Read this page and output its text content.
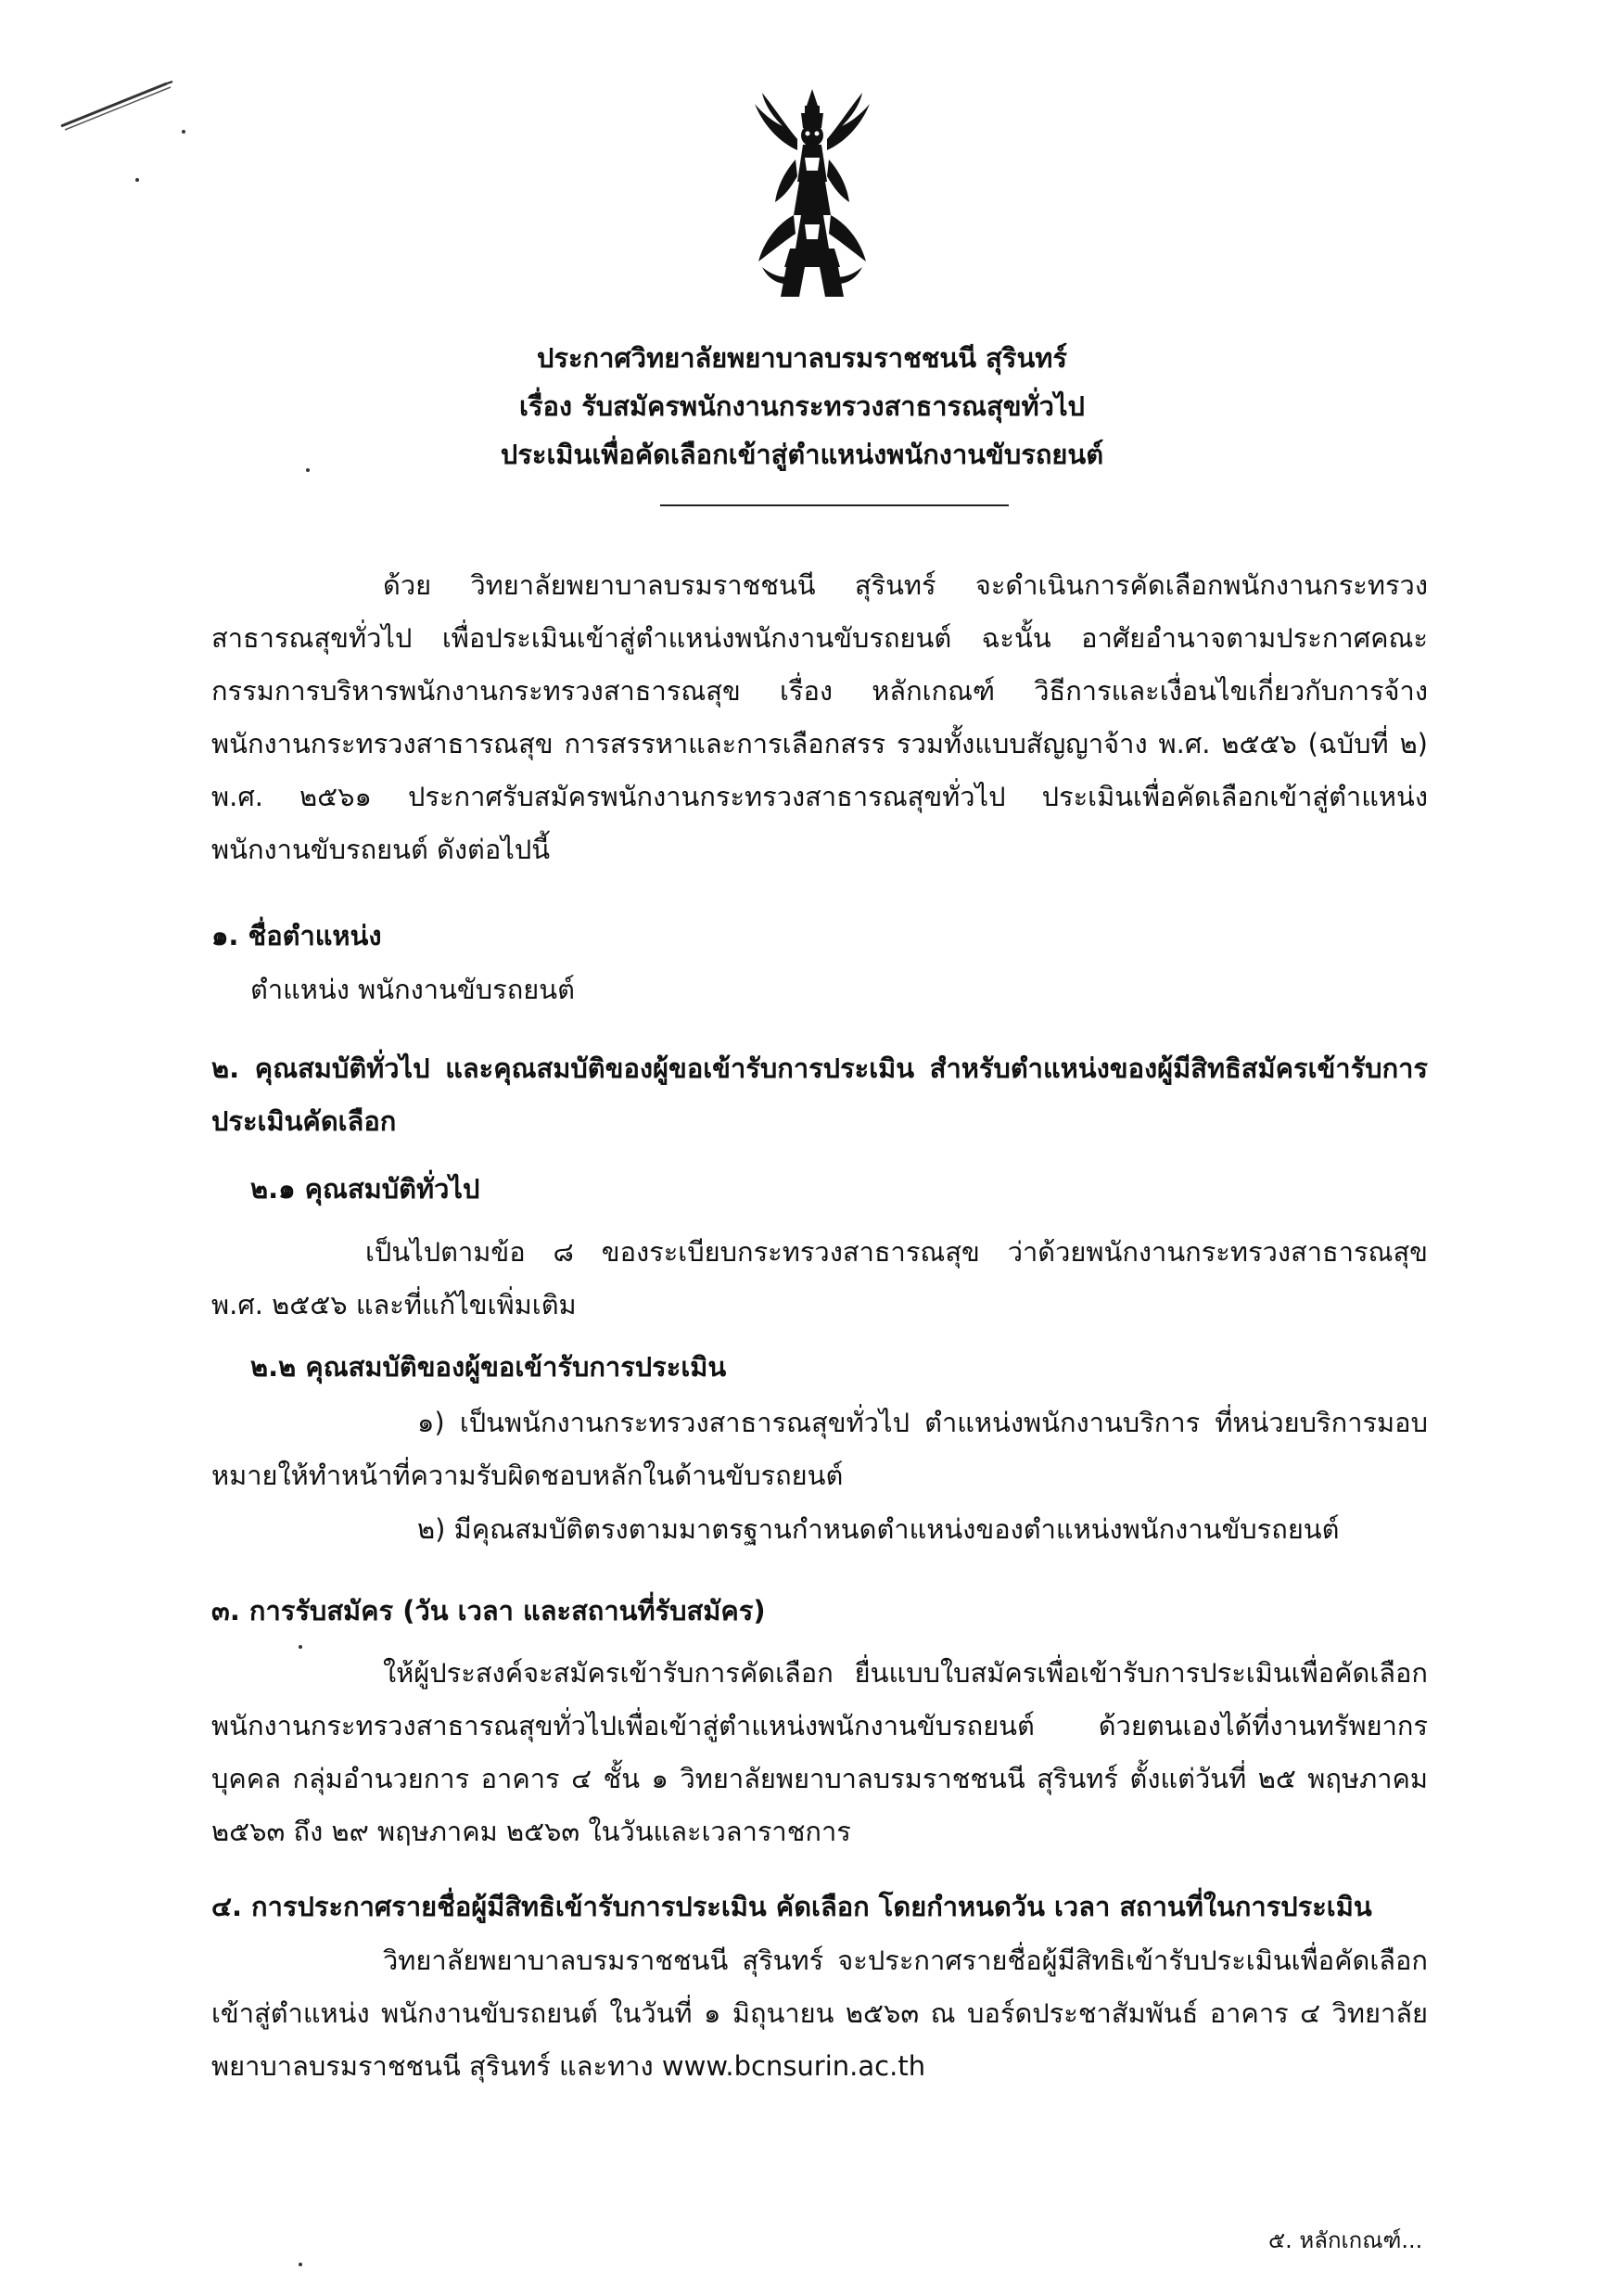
ประกาศวิทยาลัยพยาบาลบรมราชชนนี สุรินทร์
เรื่อง รับสมัครพนักงานกระทรวงสาธารณสุขทั่วไป
ประเมินเพื่อคัดเลือกเข้าสู่ตำแหน่งพนักงานขับรถยนต์
ด้วย วิทยาลัยพยาบาลบรมราชชนนี สุรินทร์ จะดำเนินการคัดเลือกพนักงานกระทรวงสาธารณสุขทั่วไป เพื่อประเมินเข้าสู่ตำแหน่งพนักงานขับรถยนต์ ฉะนั้น อาศัยอำนาจตามประกาศคณะกรรมการบริหารพนักงานกระทรวงสาธารณสุข เรื่อง หลักเกณฑ์ วิธีการและเงื่อนไขเกี่ยวกับการจ้างพนักงานกระทรวงสาธารณสุข การสรรหาและการเลือกสรร รวมทั้งแบบสัญญาจ้าง พ.ศ. ๒๕๕๖ (ฉบับที่ ๒) พ.ศ. ๒๕๖๑ ประกาศรับสมัครพนักงานกระทรวงสาธารณสุขทั่วไป ประเมินเพื่อคัดเลือกเข้าสู่ตำแหน่งพนักงานขับรถยนต์ ดังต่อไปนี้
๑. ชื่อตำแหน่ง
ตำแหน่ง พนักงานขับรถยนต์
๒. คุณสมบัติทั่วไป และคุณสมบัติของผู้ขอเข้ารับการประเมิน สำหรับตำแหน่งของผู้มีสิทธิสมัครเข้ารับการประเมินคัดเลือก
๒.๑ คุณสมบัติทั่วไป
เป็นไปตามข้อ ๘ ของระเบียบกระทรวงสาธารณสุข ว่าด้วยพนักงานกระทรวงสาธารณสุข พ.ศ. ๒๕๕๖ และที่แก้ไขเพิ่มเติม
๒.๒ คุณสมบัติของผู้ขอเข้ารับการประเมิน
๑) เป็นพนักงานกระทรวงสาธารณสุขทั่วไป ตำแหน่งพนักงานบริการ ที่หน่วยบริการมอบหมายให้ทำหน้าที่ความรับผิดชอบหลักในด้านขับรถยนต์
๒) มีคุณสมบัติตรงตามมาตรฐานกำหนดตำแหน่งของตำแหน่งพนักงานขับรถยนต์
๓. การรับสมัคร (วัน เวลา และสถานที่รับสมัคร)
ให้ผู้ประสงค์จะสมัครเข้ารับการคัดเลือก ยื่นแบบใบสมัครเพื่อเข้ารับการประเมินเพื่อคัดเลือกพนักงานกระทรวงสาธารณสุขทั่วไปเพื่อเข้าสู่ตำแหน่งพนักงานขับรถยนต์ ด้วยตนเองได้ที่งานทรัพยากรบุคคล กลุ่มอำนวยการ อาคาร ๔ ชั้น ๑ วิทยาลัยพยาบาลบรมราชชนนี สุรินทร์ ตั้งแต่วันที่ ๒๕ พฤษภาคม ๒๕๖๓ ถึง ๒๙ พฤษภาคม ๒๕๖๓ ในวันและเวลาราชการ
๔. การประกาศรายชื่อผู้มีสิทธิเข้ารับการประเมิน คัดเลือก โดยกำหนดวัน เวลา สถานที่ในการประเมิน
วิทยาลัยพยาบาลบรมราชชนนี สุรินทร์ จะประกาศรายชื่อผู้มีสิทธิเข้ารับประเมินเพื่อคัดเลือกเข้าสู่ตำแหน่ง พนักงานขับรถยนต์ ในวันที่ ๑ มิถุนายน ๒๕๖๓ ณ บอร์ดประชาสัมพันธ์ อาคาร ๔ วิทยาลัยพยาบาลบรมราชชนนี สุรินทร์ และทาง www.bcnsurin.ac.th
๕. หลักเกณฑ์...
